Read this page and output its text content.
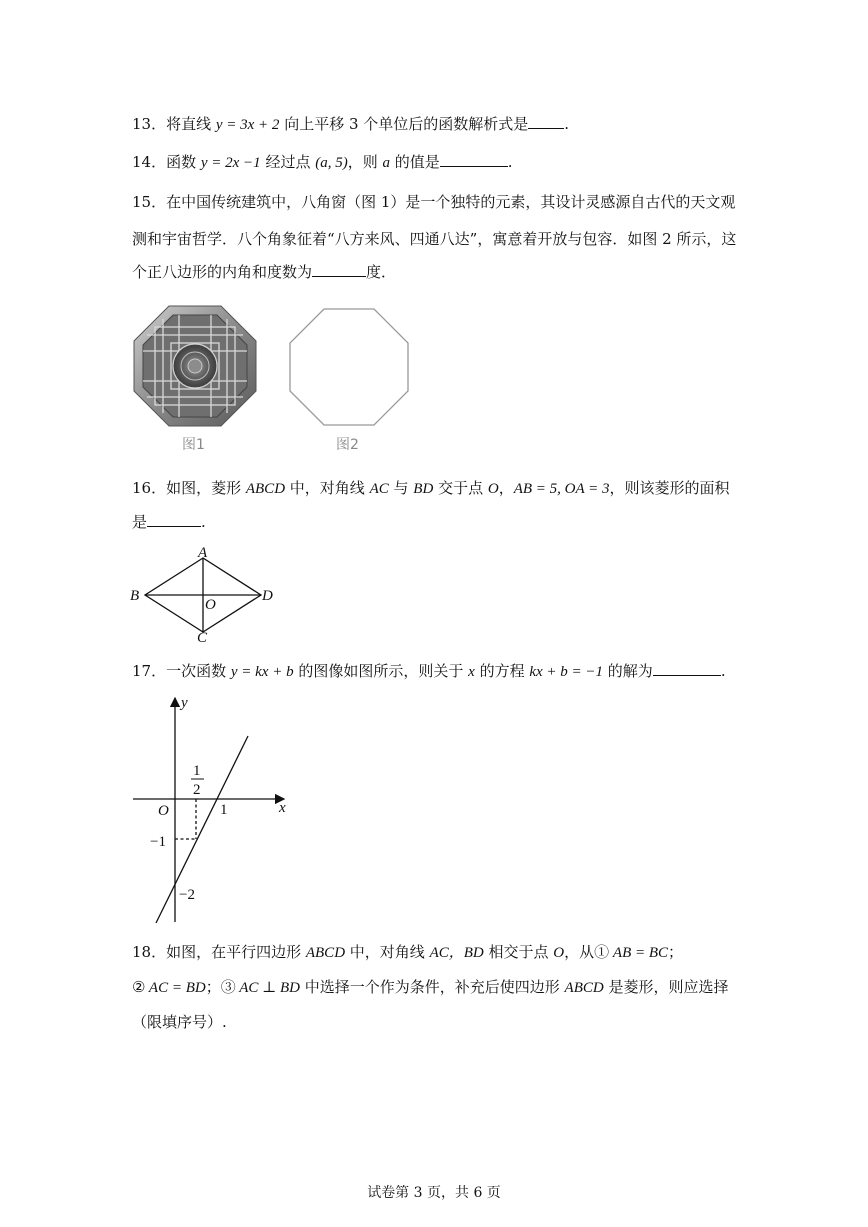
13．将直线 y = 3x + 2 向上平移 3 个单位后的函数解析式是 .
14．函数 y = 2x −1 经过点 (a, 5)，则 a 的值是	.
15．在中国传统建筑中，八角窗（图 1）是一个独特的元素，其设计灵感源自古代的天文观
测和宇宙哲学．八个角象征着“八方来风、四通八达”，寓意着开放与包容．如图 2 所示，这
个正八边形的内角和度数为	度．
图1	图2
16．如图，菱形 ABCD 中，对角线 AC 与 BD 交于点 O，AB = 5, OA = 3，则该菱形的面积
是	.
A
B
C
D
O
17．一次函数 y = kx + b 的图像如图所示，则关于 x 的方程 kx + b = −1 的解为	.
y
x
O
1
2
1
−1
−2
18．如图，在平行四边形 ABCD 中，对角线 AC，BD 相交于点 O，从① AB = BC；
② AC = BD；③ AC ⊥ BD 中选择一个作为条件，补充后使四边形 ABCD 是菱形，则应选择
（限填序号）.
试卷第 3 页，共 6 页
